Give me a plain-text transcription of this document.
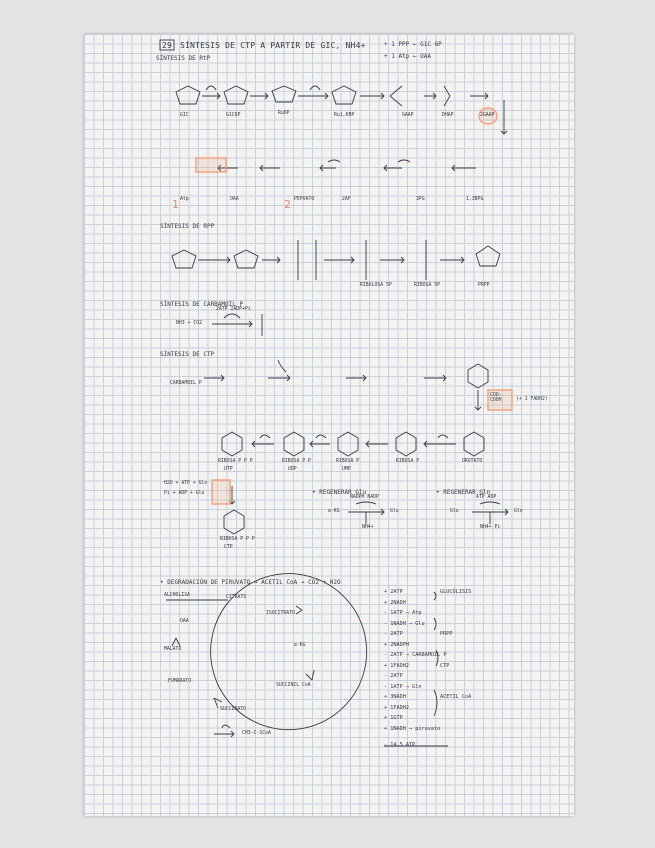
1	2
29 SÍNTESIS DE CTP A PARTIR DE GIC, NH4+
SÍNTESIS DE RtP
+ 1 PPP ← G1C 6P
+ 1 Atp ← OAA
GIC	G1C6P	Ru6P	Ru1,6BP	GAAP	DHAP	2GAAP
Atp	OAA	PEPVATO	2AF	3PG	1,3BPG
SÍNTESIS DE RPP
RIBULOSA 5P	RIBOSA 5P	PRPP
SÍNTESIS DE CARBAMOIL P
2ATP 2ADP+Pi
NH3 + CO2
SÍNTESIS DE CTP
CARBAMOIL P
COO-
COOH	(+ 1 FADH2)
RIBOSA P P P	RIBOSA P P	RIBOSA P	RIBOSA P	OROTATO
UTP	UDP	UMP
H2O + ATP + Gln
Pi + ADP + Glu
RIBOSA P P P
CTP
• REGENERAR Glu
α-KG	Glu
NADPH NADP
NH4+
• REGENERAR Gln
Glu	Gln
ATP ADP
NH4+ Pi
• DEGRADACIÓN DE PIRUVATO → ACETIL CoA → CO2 + H2O
ALCHOLISA	CITRATO
ISOCITRATO
α-KG
SUCCINIL CoA
SUCCINATO
FUMARATO
MALATO
OAA
CH3-C-SCoA
+ 2ATP	GLUCÓLISIS
+ 2NADH
- 1ATP → Atp
- 1NADH → Glu
- 2ATP	PRPP
+ 2NADPH
- 2ATP → CARBAMOIL P
+ 1FADH2	CTP
- 2ATP
- 1ATP → Gln
+ 3NADH	ACETIL CoA
+ 1FADH2
+ 1GTP
+ 1NADH → piruvato
- 14,5 ATP
